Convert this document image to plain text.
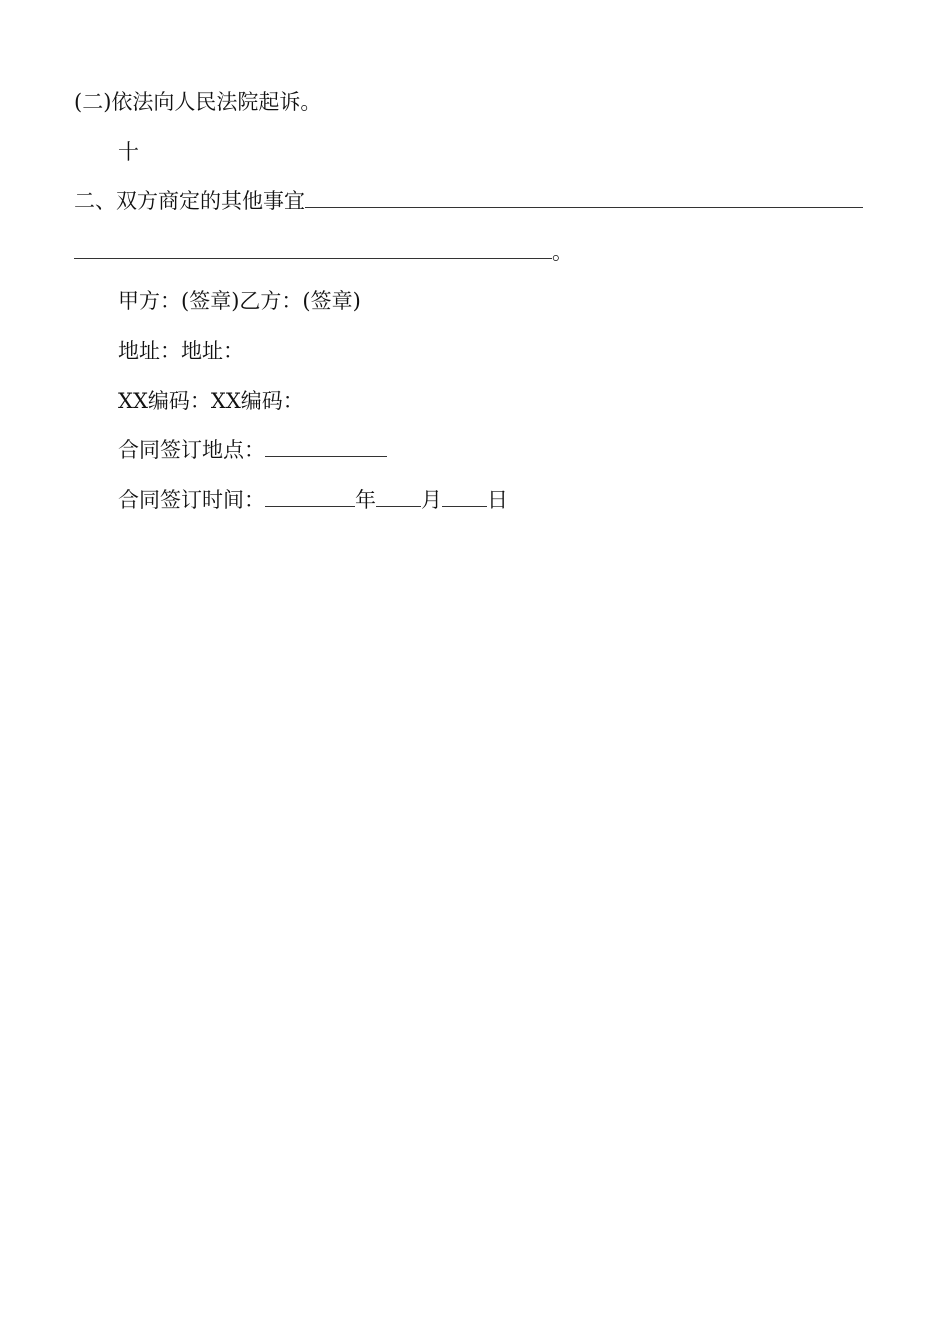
(二)依法向人民法院起诉。
十
二、双方商定的其他事宜
。
甲方：(签章)乙方：(签章)
地址：地址：
XX编码：XX编码：
合同签订地点：
合同签订时间：	年 月 日
